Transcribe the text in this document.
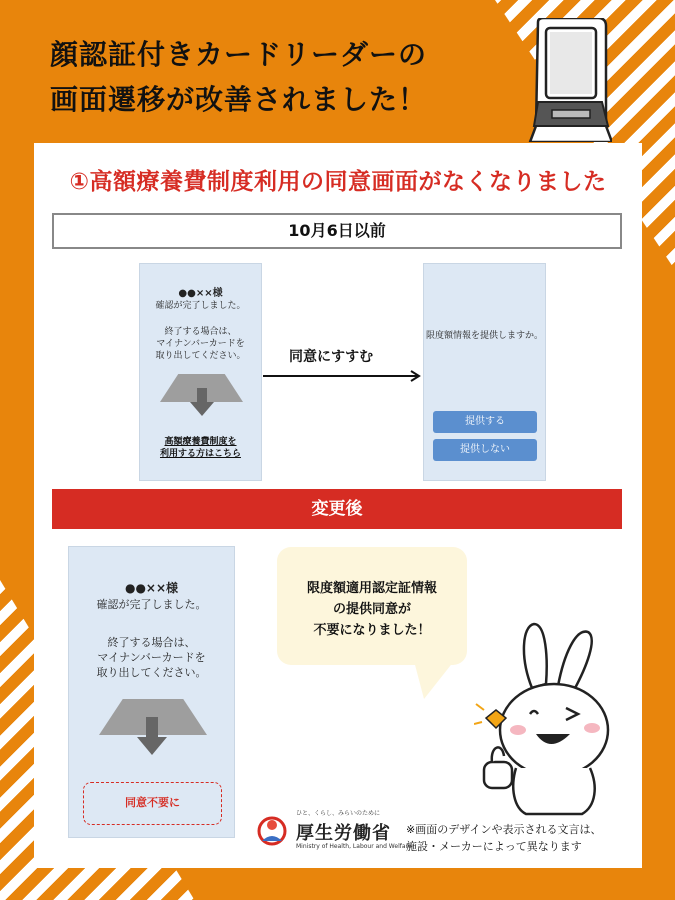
顔認証付きカードリーダーの
画面遷移が改善されました！
①高額療養費制度利用の同意画面がなくなりました
10月6日以前
●●××様
確認が完了しました。
終了する場合は、
マイナンバーカードを
取り出してください。
高額療養費制度を
利用する方はこちら
同意にすすむ
限度額情報を提供しますか。
提供する
提供しない
変更後
●●××様
確認が完了しました。
終了する場合は、
マイナンバーカードを
取り出してください。
同意不要に
限度額適用認定証情報
の提供同意が
不要になりました！
ひと、くらし、みらいのために
厚生労働省
Ministry of Health, Labour and Welfare
※画面のデザインや表示される文言は、
施設・メーカーによって異なります
